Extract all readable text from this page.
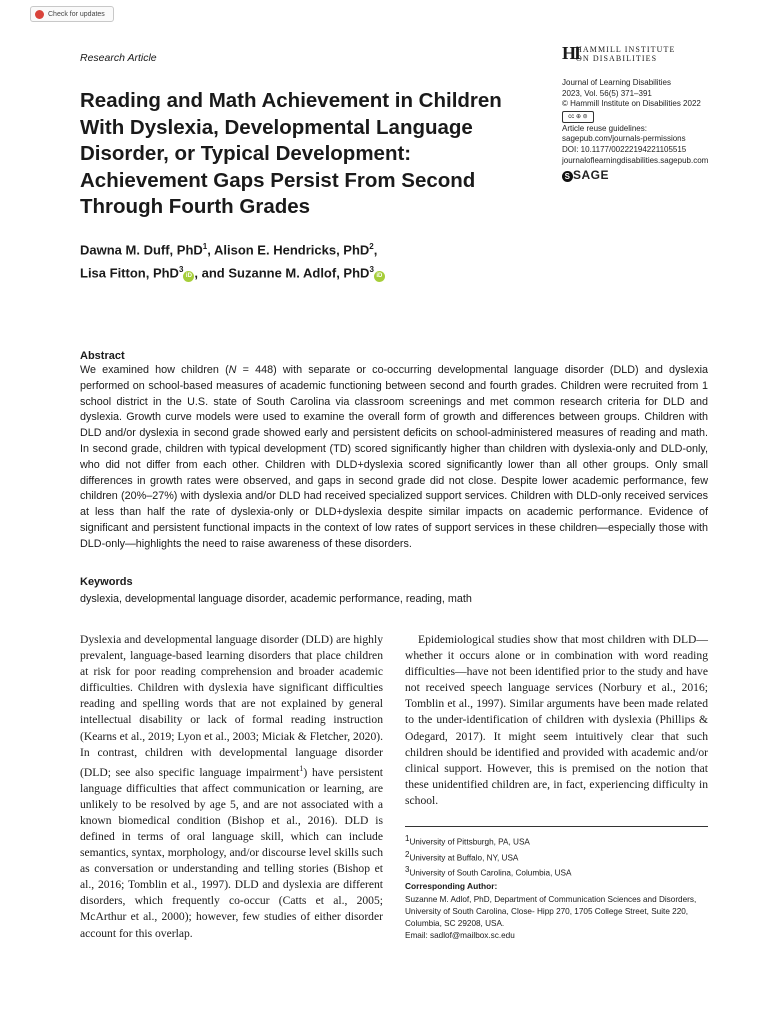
Check for updates
Research Article	HI
HAMMILL INSTITUTE
ON DISABILITIES
Journal of Learning Disabilities
2023, Vol. 56(5) 371–391
© Hammill Institute on Disabilities 2022
cc ⊕ ⊜
Article reuse guidelines:
sagepub.com/journals-permissions
DOI: 10.1177/00222194221105515
journaloflearningdisabilities.sagepub.com
S SAGE
Reading and Math Achievement in Children With Dyslexia, Developmental Language Disorder, or Typical Development: Achievement Gaps Persist From Second Through Fourth Grades
Dawna M. Duff, PhD$^1$, Alison E. Hendricks, PhD$^2$,
Lisa Fitton, PhD$^3$iD , and Suzanne M. Adlof, PhD$^3$iD
Abstract
We examined how children (N = 448) with separate or co-occurring developmental language disorder (DLD) and dyslexia performed on school-based measures of academic functioning between second and fourth grades. Children were recruited from 1 school district in the U.S. state of South Carolina via classroom screenings and met common research criteria for DLD and dyslexia. Growth curve models were used to examine the overall form of growth and differences between groups. Children with DLD and/or dyslexia in second grade showed early and persistent deficits on school-administered measures of reading and math. In second grade, children with typical development (TD) scored significantly higher than children with dyslexia-only and DLD-only, who did not differ from each other. Children with DLD+dyslexia scored significantly lower than all other groups. Only small differences in growth rates were observed, and gaps in second grade did not close. Despite lower academic performance, few children (20%–27%) with dyslexia and/or DLD had received specialized support services. Children with DLD-only received services at less than half the rate of dyslexia-only or DLD+dyslexia despite similar impacts on academic performance. Evidence of significant and persistent functional impacts in the context of low rates of support services in these children—especially those with DLD-only—highlights the need to raise awareness of these disorders.
Keywords
dyslexia, developmental language disorder, academic performance, reading, math
Dyslexia and developmental language disorder (DLD) are highly prevalent, language-based learning disorders that place children at risk for poor reading comprehension and broader academic difficulties. Children with dyslexia have significant difficulties reading and spelling words that are not explained by general intellectual disability or lack of formal reading instruction (Kearns et al., 2019; Lyon et al., 2003; Miciak & Fletcher, 2020). In contrast, children with developmental language disorder (DLD; see also specific language impairment$^1$) have persistent language difficulties that affect communication or learning, are unlikely to be resolved by age 5, and are not associated with a known biomedical condition (Bishop et al., 2016). DLD is defined in terms of oral language skill, which can include semantics, syntax, morphology, and/or discourse level skills such as conversation or understanding and telling stories (Bishop et al., 2016; Tomblin et al., 1997). DLD and dyslexia are different disorders, which frequently co-occur (Catts et al., 2005; McArthur et al., 2000); however, few studies of either disorder account for this overlap.
Epidemiological studies show that most children with DLD—whether it occurs alone or in combination with word reading difficulties—have not been identified prior to the study and have not received speech language services (Norbury et al., 2016; Tomblin et al., 1997). Similar arguments have been made related to the under-identification of children with dyslexia (Phillips & Odegard, 2017). It might seem intuitively clear that such children should be identified and provided with academic and/or clinical support. However, this is premised on the notion that these unidentified children are, in fact, experiencing difficulty in school.
$^1$University of Pittsburgh, PA, USA
$^2$University at Buffalo, NY, USA
$^3$University of South Carolina, Columbia, USA
Corresponding Author:
Suzanne M. Adlof, PhD, Department of Communication Sciences and Disorders, University of South Carolina, Close- Hipp 270, 1705 College Street, Suite 220, Columbia, SC 29208, USA.
Email: sadlof@mailbox.sc.edu
